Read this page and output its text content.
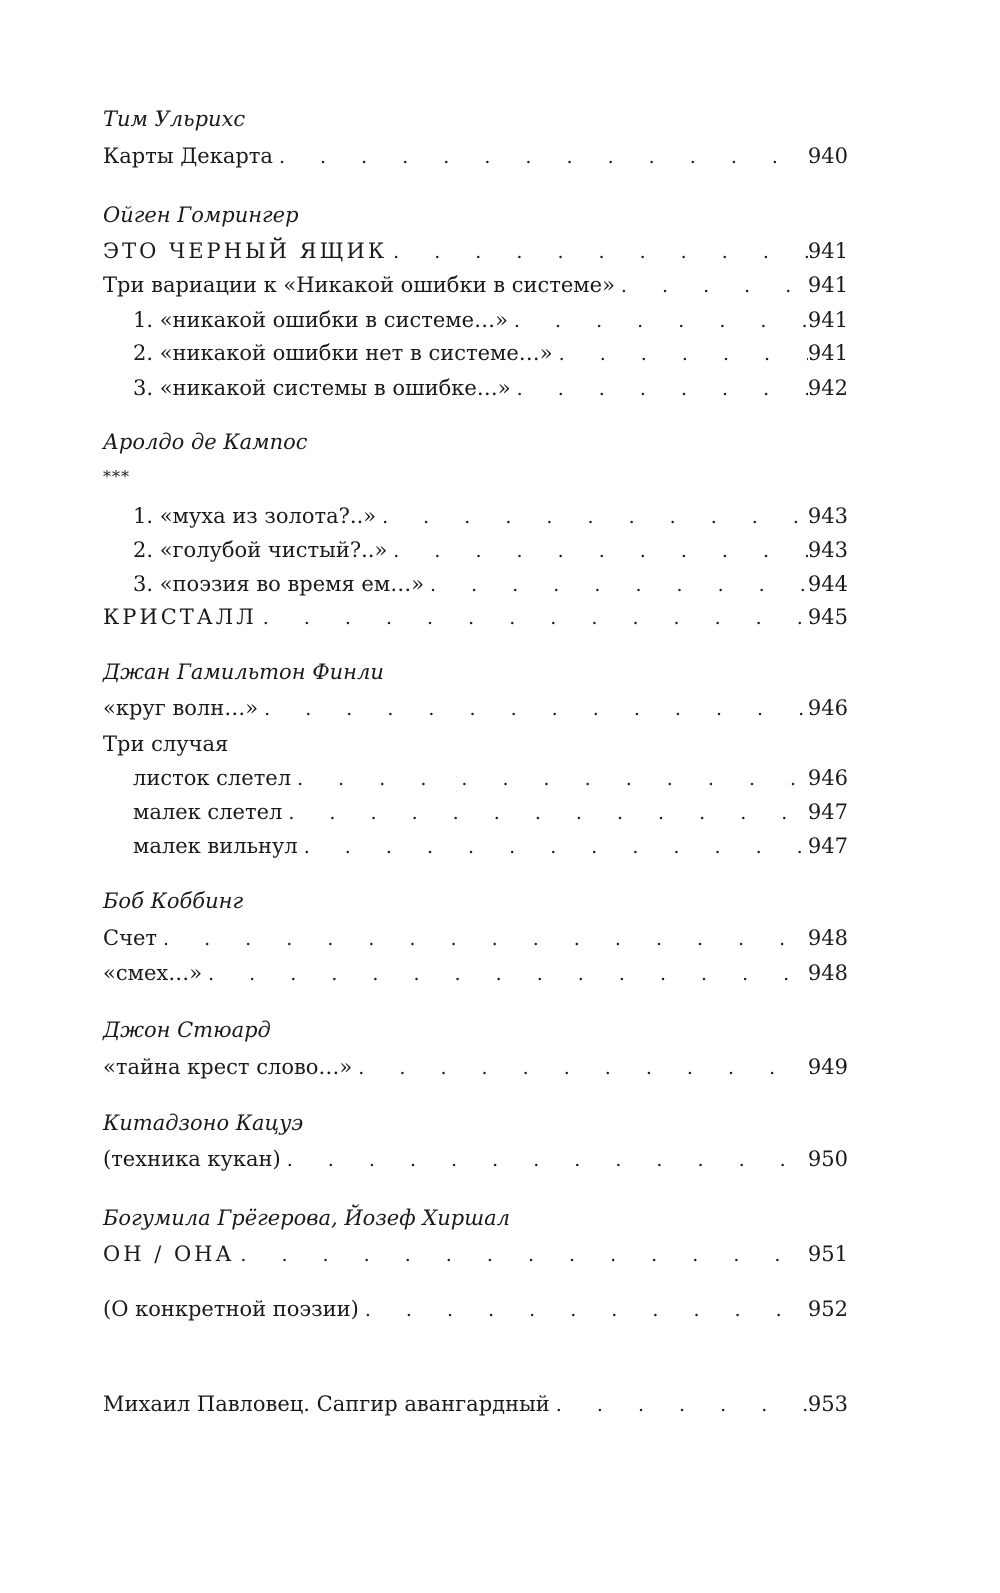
Тим Ульрихс
Карты Декарта . . .	940
Ойген Гомрингер
ЭТО ЧЕРНЫЙ ЯЩИК . . .	941
Три вариации к «Никакой ошибки в системе» . . .	941
1. «никакой ошибки в системе…» . . .	941
2. «никакой ошибки нет в системе…» . . .	941
3. «никакой системы в ошибке…» . . .	942
Аролдо де Кампос
***
1. «муха из золота?..» . . .	943
2. «голубой чистый?..» . . .	943
3. «поэзия во время ем…» . . .	944
КРИСТАЛЛ . . .	945
Джан Гамильтон Финли
«круг волн…» . . .	946
Три случая
листок слетел . . .	946
малек слетел . . .	947
малек вильнул . . .	947
Боб Коббинг
Счет . . .	948
«смех…» . . .	948
Джон Стюард
«тайна крест слово…» . . .	949
Китадзоно Кацуэ
(техника кукан) . . .	950
Богумила Грёгерова, Йозеф Хиршал
ОН / ОНА . . .	951
(О конкретной поэзии) . . .	952
Михаил Павловец. Сапгир авангардный . . .	953
